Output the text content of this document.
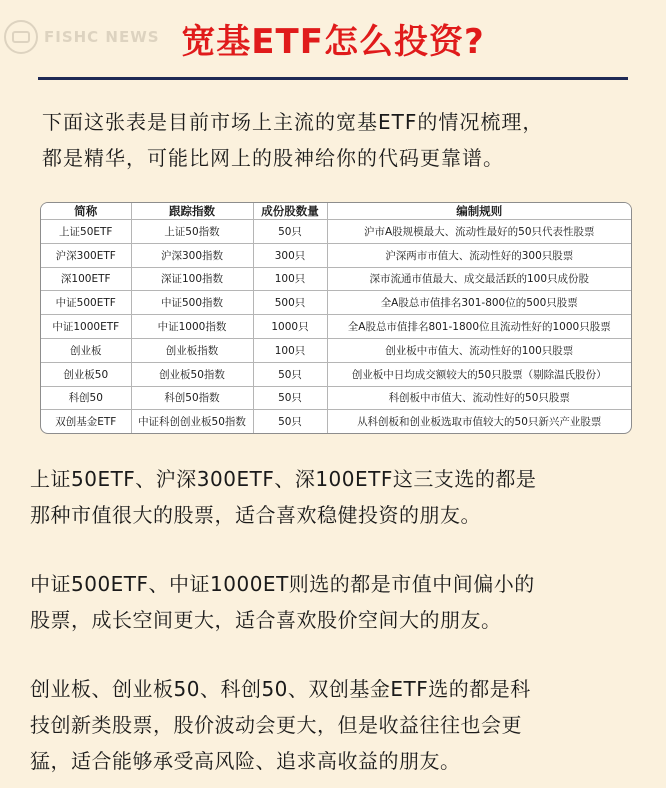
FISHC NEWS 宽基ETF怎么投资?
下面这张表是目前市场上主流的宽基ETF的情况梳理，
都是精华，可能比网上的股神给你的代码更靠谱。
简称	跟踪指数	成份股数量	编制规则
上证50ETF	上证50指数	50只	沪市A股规模最大、流动性最好的50只代表性股票
沪深300ETF	沪深300指数	300只	沪深两市市值大、流动性好的300只股票
深100ETF	深证100指数	100只	深市流通市值最大、成交最活跃的100只成份股
中证500ETF	中证500指数	500只	全A股总市值排名301-800位的500只股票
中证1000ETF	中证1000指数	1000只	全A股总市值排名801-1800位且流动性好的1000只股票
创业板	创业板指数	100只	创业板中市值大、流动性好的100只股票
创业板50	创业板50指数	50只	创业板中日均成交额较大的50只股票（剔除温氏股份）
科创50	科创50指数	50只	科创板中市值大、流动性好的50只股票
双创基金ETF	中证科创创业板50指数	50只	从科创板和创业板选取市值较大的50只新兴产业股票
上证50ETF、沪深300ETF、深100ETF这三支选的都是
那种市值很大的股票，适合喜欢稳健投资的朋友。
中证500ETF、中证1000ET则选的都是市值中间偏小的
股票，成长空间更大，适合喜欢股价空间大的朋友。
创业板、创业板50、科创50、双创基金ETF选的都是科
技创新类股票，股价波动会更大，但是收益往往也会更
猛，适合能够承受高风险、追求高收益的朋友。
